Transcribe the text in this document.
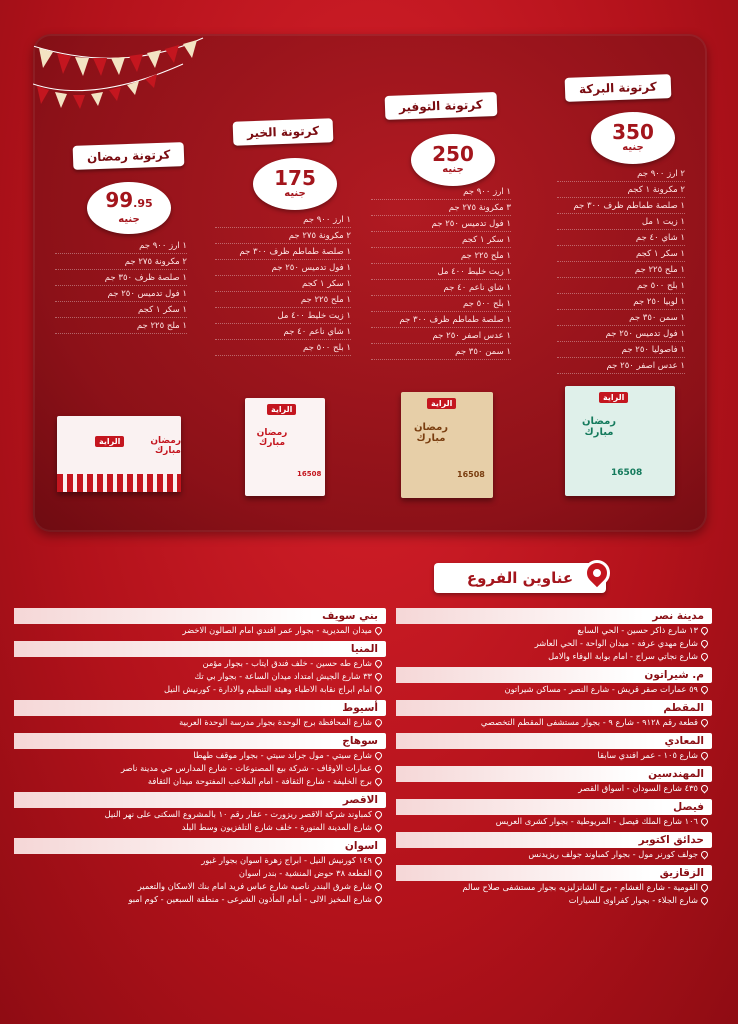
كرتونة البركة
350
جنيه
٢ ارز ٩٠٠ جم
٢ مكرونة ١ كجم
١ صلصة طماطم ظرف ٣٠٠ جم
١ زيت ١ مل
١ شاي ٤٠ جم
١ سكر ١ كجم
١ ملح ٢٢٥ جم
١ بلح ٥٠٠ جم
١ لوبيا ٢٥٠ جم
١ سمن ٣٥٠ جم
١ فول تدميس ٢٥٠ جم
١ فاصوليا ٢٥٠ جم
١ عدس اصفر ٢٥٠ جم
الراية
رمضان مبارك
16508
كرتونة التوفير
250
جنيه
١ ارز ٩٠٠ جم
٣ مكرونة ٢٧٥ جم
١ فول تدميس ٢٥٠ جم
١ سكر ١ كجم
١ ملح ٢٢٥ جم
١ زيت خليط ٤٠٠ مل
١ شاي ناعم ٤٠ جم
١ بلح ٥٠٠ جم
١ صلصة طماطم ظرف ٣٠٠ جم
١ عدس اصفر ٢٥٠ جم
١ سمن ٣٥٠ جم
الراية
رمضان مبارك
16508
كرتونة الخير
175
جنيه
١ ارز ٩٠٠ جم
٢ مكرونة ٢٧٥ جم
١ صلصة طماطم ظرف ٣٠٠ جم
١ فول تدميس ٢٥٠ جم
١ سكر ١ كجم
١ ملح ٢٢٥ جم
١ زيت خليط ٤٠٠ مل
١ شاي ناعم ٤٠ جم
١ بلح ٥٠٠ جم
الراية
رمضان مبارك
16508
كرتونة رمضان
99.95
جنيه
١ ارز ٩٠٠ جم
٢ مكرونة ٢٧٥ جم
١ صلصة ظرف ٣٥٠ جم
١ فول تدميس ٢٥٠ جم
١ سكر ١ كجم
١ ملح ٢٢٥ جم
الراية	رمضان مبارك
عناوين الفروع
مدينة نصر
١٣ شارع ذاكر حسين - الحي السابع
شارع مهدي عرفة - ميدان الواحة - الحي العاشر
شارع نجاتي سراج - امام بوابة الوفاء والامل
م. شيراتون
٥٩ عمارات صقر قريش - شارع النصر - مساكن شيراتون
المقطم
قطعة رقم ٩١٢٨ - شارع ٩ - بجوار مستشفى المقطم التخصصي
المعادي
شارع ١٠٥ - عمر افندي سابقا
المهندسين
٤٣٥ شارع السودان - اسواق القصر
فيصل
١٠٦ شارع الملك فيصل - المريوطية - بجوار كشرى العريس
حدائق اكتوبر
جولف كورنر مول - بجوار كمباوند جولف ريزيدنس
الزقازيق
القومية - شارع الغشام - برج الشانزليزيه بجوار مستشفى صلاح سالم
شارع الجلاء - بجوار كفراوى للسيارات
بني سويف
ميدان المديرية - بجوار عمر افندي امام الصالون الاخضر
المنيا
شارع طه حسين - خلف فندق ايتاب - بجوار مؤمن
٣٣ شارع الجيش امتداد ميدان الساعة - بجوار بي تك
امام ابراج نقابة الاطباء وهيئة التنظيم والادارة - كورنيش النيل
أسيوط
شارع المحافظة برج الوحدة بجوار مدرسة الوحدة العربية
سوهاج
شارع سيتي - مول جراند سيتي - بجوار موقف طهطا
عمارات الاوقاف - شركة بيع المصنوعات - شارع المدارس حي مدينة ناصر
برج الخليفة - شارع الثقافة - امام الملاعب المفتوحة ميدان الثقافة
الاقصر
كمباوند شركة الاقصر ريزورت - عقار رقم ١٠ بالمشروع السكنى على نهر النيل
شارع المدينة المنورة - خلف شارع التلفزيون وسط البلد
اسوان
١٤٩ كورنيش النيل - ابراج زهرة اسوان بجوار غبور
القطعة ٣٨ حوض المنشية - بندر اسوان
شارع شرق البندر ناصية شارع عباس فريد امام بنك الاسكان والتعمير
شارع المخيز الالى - أمام المأذون الشرعى - منطقة السبعين - كوم امبو
